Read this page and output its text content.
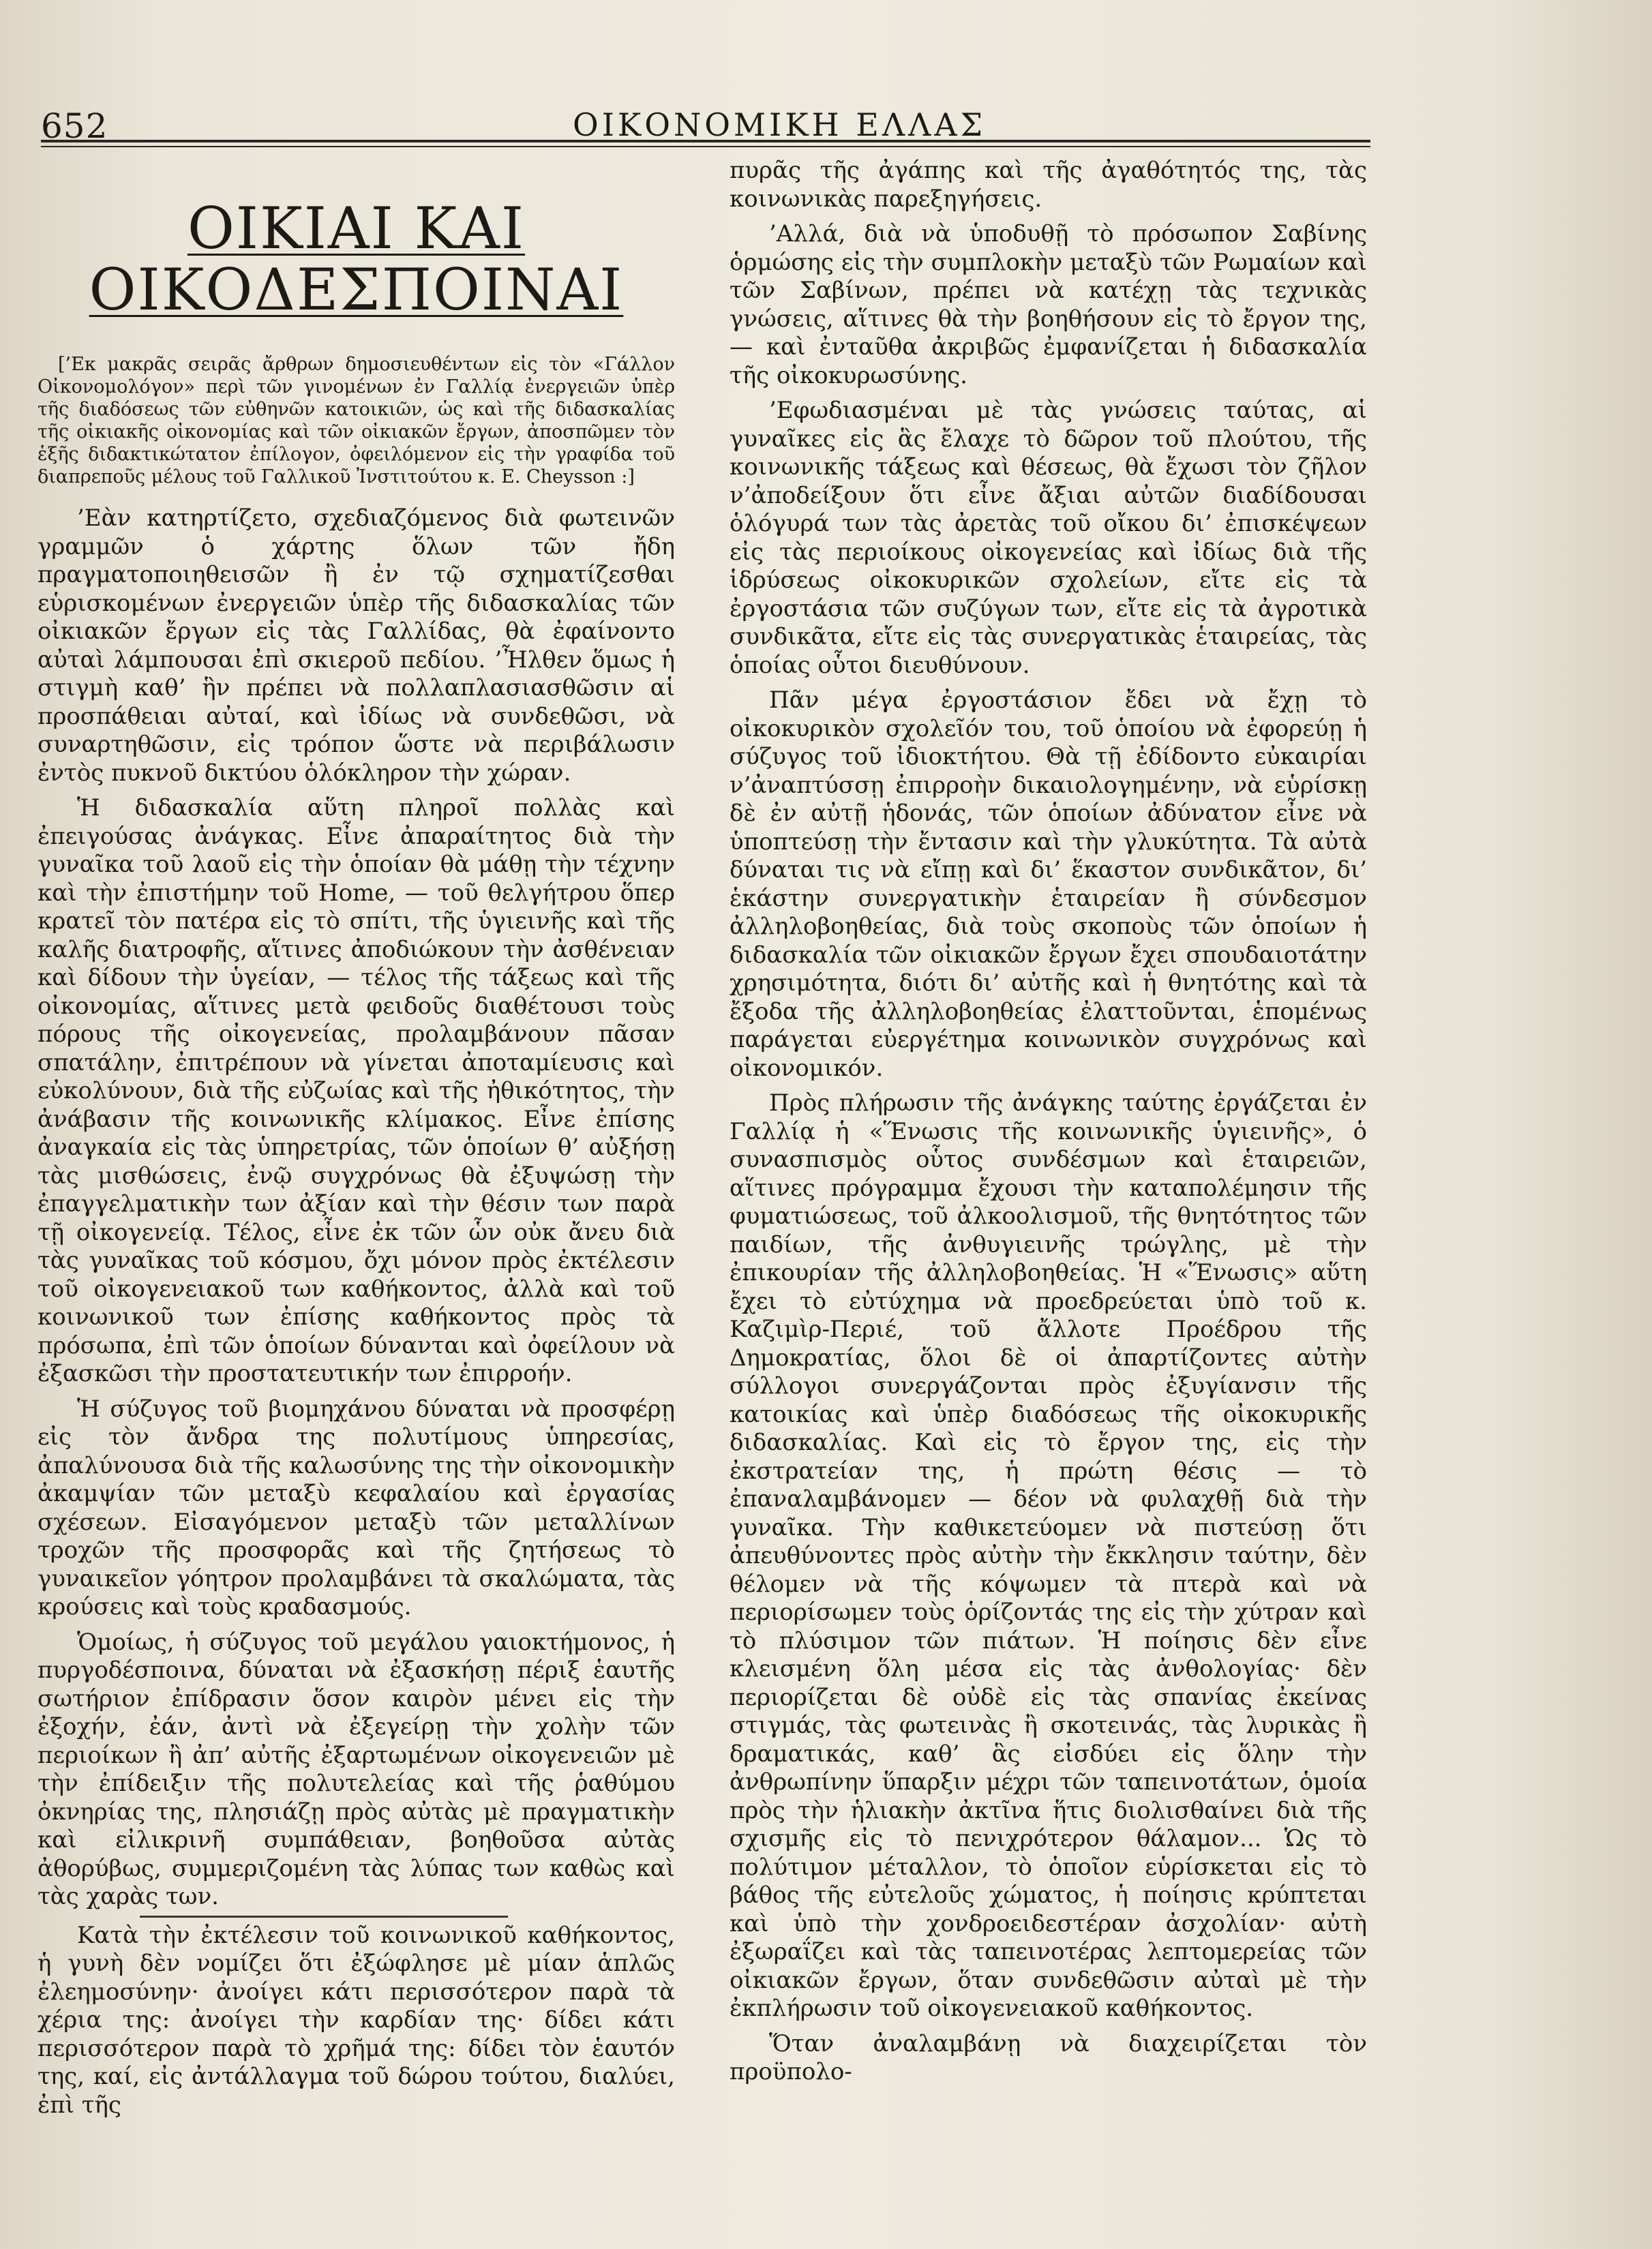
652	ΟΙΚΟΝΟΜΙΚΗ ΕΛΛΑΣ
ΟΙΚΙΑΙ ΚΑΙ ΟΙΚΟΔΕΣΠΟΙΝΑΙ

[’Εκ μακρᾶς σειρᾶς ἄρθρων δημοσιευθέντων εἰς τὸν «Γάλλον Οἰκονομολόγον» περὶ τῶν γινομένων ἐν Γαλλίᾳ ἐνεργειῶν ὑπὲρ τῆς διαδόσεως τῶν εὐθηνῶν κατοικιῶν, ὡς καὶ τῆς διδασκαλίας τῆς οἰκιακῆς οἰκονομίας καὶ τῶν οἰκιακῶν ἔργων, ἀποσπῶμεν τὸν ἑξῆς διδακτικώτατον ἐπίλογον, ὀφειλόμενον εἰς τὴν γραφίδα τοῦ διαπρεποῦς μέλους τοῦ Γαλλικοῦ Ἰνστιτούτου κ. E. Cheysson :]

’Εὰν κατηρτίζετο, σχεδιαζόμενος διὰ φωτεινῶν γραμμῶν ὁ χάρτης ὅλων τῶν ἤδη πραγματοποιηθεισῶν ἢ ἐν τῷ σχηματίζεσθαι εὑρισκομένων ἐνεργειῶν ὑπὲρ τῆς διδασκαλίας τῶν οἰκιακῶν ἔργων εἰς τὰς Γαλλίδας, θὰ ἐφαίνοντο αὐταὶ λάμπουσαι ἐπὶ σκιεροῦ πεδίου. ’Ἦλθεν ὅμως ἡ στιγμὴ καθ’ ἣν πρέπει νὰ πολλαπλασιασθῶσιν αἱ προσπάθειαι αὐταί, καὶ ἰδίως νὰ συνδεθῶσι, νὰ συναρτηθῶσιν, εἰς τρόπον ὥστε νὰ περιβάλωσιν ἐντὸς πυκνοῦ δικτύου ὁλόκληρον τὴν χώραν.

Ἡ διδασκαλία αὕτη πληροῖ πολλὰς καὶ ἐπειγούσας ἀνάγκας. Εἶνε ἀπαραίτητος διὰ τὴν γυναῖκα τοῦ λαοῦ εἰς τὴν ὁποίαν θὰ μάθῃ τὴν τέχνην καὶ τὴν ἐπιστήμην τοῦ Home, — τοῦ θελγήτρου ὅπερ κρατεῖ τὸν πατέρα εἰς τὸ σπίτι, τῆς ὑγιεινῆς καὶ τῆς καλῆς διατροφῆς, αἵτινες ἀποδιώκουν τὴν ἀσθένειαν καὶ δίδουν τὴν ὑγείαν, — τέλος τῆς τάξεως καὶ τῆς οἰκονομίας, αἵτινες μετὰ φειδοῦς διαθέτουσι τοὺς πόρους τῆς οἰκογενείας, προλαμβάνουν πᾶσαν σπατάλην, ἐπιτρέπουν νὰ γίνεται ἀποταμίευσις καὶ εὐκολύνουν, διὰ τῆς εὐζωίας καὶ τῆς ἠθικότητος, τὴν ἀνάβασιν τῆς κοινωνικῆς κλίμακος. Εἶνε ἐπίσης ἀναγκαία εἰς τὰς ὑπηρετρίας, τῶν ὁποίων θ’ αὐξήσῃ τὰς μισθώσεις, ἐνῷ συγχρόνως θὰ ἐξυψώσῃ τὴν ἐπαγγελματικὴν των ἀξίαν καὶ τὴν θέσιν των παρὰ τῇ οἰκογενείᾳ. Τέλος, εἶνε ἐκ τῶν ὧν οὐκ ἄνευ διὰ τὰς γυναῖκας τοῦ κόσμου, ὄχι μόνον πρὸς ἐκτέλεσιν τοῦ οἰκογενειακοῦ των καθήκοντος, ἀλλὰ καὶ τοῦ κοινωνικοῦ των ἐπίσης καθήκοντος πρὸς τὰ πρόσωπα, ἐπὶ τῶν ὁποίων δύνανται καὶ ὀφείλουν νὰ ἐξασκῶσι τὴν προστατευτικήν των ἐπιρροήν.

Ἡ σύζυγος τοῦ βιομηχάνου δύναται νὰ προσφέρῃ εἰς τὸν ἄνδρα της πολυτίμους ὑπηρεσίας, ἀπαλύνουσα διὰ τῆς καλωσύνης της τὴν οἰκονομικὴν ἀκαμψίαν τῶν μεταξὺ κεφαλαίου καὶ ἐργασίας σχέσεων. Εἰσαγόμενον μεταξὺ τῶν μεταλλίνων τροχῶν τῆς προσφορᾶς καὶ τῆς ζητήσεως τὸ γυναικεῖον γόητρον προλαμβάνει τὰ σκαλώματα, τὰς κρούσεις καὶ τοὺς κραδασμούς.

Ὁμοίως, ἡ σύζυγος τοῦ μεγάλου γαιοκτήμονος, ἡ πυργοδέσποινα, δύναται νὰ ἐξασκήσῃ πέριξ ἑαυτῆς σωτήριον ἐπίδρασιν ὅσον καιρὸν μένει εἰς τὴν ἐξοχήν, ἐάν, ἀντὶ νὰ ἐξεγείρῃ τὴν χολὴν τῶν περιοίκων ἢ ἀπ’ αὐτῆς ἐξαρτωμένων οἰκογενειῶν μὲ τὴν ἐπίδειξιν τῆς πολυτελείας καὶ τῆς ῥαθύμου ὀκνηρίας της, πλησιάζῃ πρὸς αὐτὰς μὲ πραγματικὴν καὶ εἰλικρινῆ συμπάθειαν, βοηθοῦσα αὐτὰς ἀθορύβως, συμμεριζομένη τὰς λύπας των καθὼς καὶ τὰς χαρὰς των.

Κατὰ τὴν ἐκτέλεσιν τοῦ κοινωνικοῦ καθήκοντος, ἡ γυνὴ δὲν νομίζει ὅτι ἐξώφλησε μὲ μίαν ἁπλῶς ἐλεημοσύνην· ἀνοίγει κάτι περισσότερον παρὰ τὰ χέρια της: ἀνοίγει τὴν καρδίαν της· δίδει κάτι περισσότερον παρὰ τὸ χρῆμά της: δίδει τὸν ἑαυτόν της, καί, εἰς ἀντάλλαγμα τοῦ δώρου τούτου, διαλύει, ἐπὶ τῆς

πυρᾶς τῆς ἀγάπης καὶ τῆς ἀγαθότητός της, τὰς κοινωνικὰς παρεξηγήσεις.

’Αλλά, διὰ νὰ ὑποδυθῇ τὸ πρόσωπον Σαβίνης ὁρμώσης εἰς τὴν συμπλοκὴν μεταξὺ τῶν Ρωμαίων καὶ τῶν Σαβίνων, πρέπει νὰ κατέχῃ τὰς τεχνικὰς γνώσεις, αἵτινες θὰ τὴν βοηθήσουν εἰς τὸ ἔργον της, — καὶ ἐνταῦθα ἀκριβῶς ἐμφανίζεται ἡ διδασκαλία τῆς οἰκοκυρωσύνης.

’Εφωδιασμέναι μὲ τὰς γνώσεις ταύτας, αἱ γυναῖκες εἰς ἃς ἔλαχε τὸ δῶρον τοῦ πλούτου, τῆς κοινωνικῆς τάξεως καὶ θέσεως, θὰ ἔχωσι τὸν ζῆλον ν’ἀποδείξουν ὅτι εἶνε ἄξιαι αὐτῶν διαδίδουσαι ὁλόγυρά των τὰς ἀρετὰς τοῦ οἴκου δι’ ἐπισκέψεων εἰς τὰς περιοίκους οἰκογενείας καὶ ἰδίως διὰ τῆς ἱδρύσεως οἰκοκυρικῶν σχολείων, εἴτε εἰς τὰ ἐργοστάσια τῶν συζύγων των, εἴτε εἰς τὰ ἀγροτικὰ συνδικᾶτα, εἴτε εἰς τὰς συνεργατικὰς ἑταιρείας, τὰς ὁποίας οὗτοι διευθύνουν.

Πᾶν μέγα ἐργοστάσιον ἔδει νὰ ἔχῃ τὸ οἰκοκυρικὸν σχολεῖόν του, τοῦ ὁποίου νὰ ἐφορεύῃ ἡ σύζυγος τοῦ ἰδιοκτήτου. Θὰ τῇ ἐδίδοντο εὐκαιρίαι ν’ἀναπτύσσῃ ἐπιρροὴν δικαιολογημένην, νὰ εὑρίσκῃ δὲ ἐν αὐτῇ ἡδονάς, τῶν ὁποίων ἀδύνατον εἶνε νὰ ὑποπτεύσῃ τὴν ἔντασιν καὶ τὴν γλυκύτητα. Τὰ αὐτὰ δύναται τις νὰ εἴπῃ καὶ δι’ ἕκαστον συνδικᾶτον, δι’ ἑκάστην συνεργατικὴν ἑταιρείαν ἢ σύνδεσμον ἀλληλοβοηθείας, διὰ τοὺς σκοποὺς τῶν ὁποίων ἡ διδασκαλία τῶν οἰκιακῶν ἔργων ἔχει σπουδαιοτάτην χρησιμότητα, διότι δι’ αὐτῆς καὶ ἡ θνητότης καὶ τὰ ἔξοδα τῆς ἀλληλοβοηθείας ἐλαττοῦνται, ἑπομένως παράγεται εὐεργέτημα κοινωνικὸν συγχρόνως καὶ οἰκονομικόν.

Πρὸς πλήρωσιν τῆς ἀνάγκης ταύτης ἐργάζεται ἐν Γαλλίᾳ ἡ «Ἕνωσις τῆς κοινωνικῆς ὑγιεινῆς», ὁ συνασπισμὸς οὗτος συνδέσμων καὶ ἑταιρειῶν, αἵτινες πρόγραμμα ἔχουσι τὴν καταπολέμησιν τῆς φυματιώσεως, τοῦ ἀλκοολισμοῦ, τῆς θνητότητος τῶν παιδίων, τῆς ἀνθυγιεινῆς τρώγλης, μὲ τὴν ἐπικουρίαν τῆς ἀλληλοβοηθείας. Ἡ «Ἕνωσις» αὕτη ἔχει τὸ εὐτύχημα νὰ προεδρεύεται ὑπὸ τοῦ κ. Καζιμὶρ-Περιέ, τοῦ ἄλλοτε Προέδρου τῆς Δημοκρατίας, ὅλοι δὲ οἱ ἀπαρτίζοντες αὐτὴν σύλλογοι συνεργάζονται πρὸς ἐξυγίανσιν τῆς κατοικίας καὶ ὑπὲρ διαδόσεως τῆς οἰκοκυρικῆς διδασκαλίας. Καὶ εἰς τὸ ἔργον της, εἰς τὴν ἐκστρατείαν της, ἡ πρώτη θέσις — τὸ ἐπαναλαμβάνομεν — δέον νὰ φυλαχθῇ διὰ τὴν γυναῖκα. Τὴν καθικετεύομεν νὰ πιστεύσῃ ὅτι ἀπευθύνοντες πρὸς αὐτὴν τὴν ἔκκλησιν ταύτην, δὲν θέλομεν νὰ τῆς κόψωμεν τὰ πτερὰ καὶ νὰ περιορίσωμεν τοὺς ὁρίζοντάς της εἰς τὴν χύτραν καὶ τὸ πλύσιμον τῶν πιάτων. Ἡ ποίησις δὲν εἶνε κλεισμένη ὅλη μέσα εἰς τὰς ἀνθολογίας· δὲν περιορίζεται δὲ οὐδὲ εἰς τὰς σπανίας ἐκείνας στιγμάς, τὰς φωτεινὰς ἢ σκοτεινάς, τὰς λυρικὰς ἢ δραματικάς, καθ’ ἃς εἰσδύει εἰς ὅλην τὴν ἀνθρωπίνην ὕπαρξιν μέχρι τῶν ταπεινοτάτων, ὁμοία πρὸς τὴν ἡλιακὴν ἀκτῖνα ἥτις διολισθαίνει διὰ τῆς σχισμῆς εἰς τὸ πενιχρότερον θάλαμον... Ὡς τὸ πολύτιμον μέταλλον, τὸ ὁποῖον εὑρίσκεται εἰς τὸ βάθος τῆς εὐτελοῦς χώματος, ἡ ποίησις κρύπτεται καὶ ὑπὸ τὴν χονδροειδεστέραν ἀσχολίαν· αὐτὴ ἐξωραΐζει καὶ τὰς ταπεινοτέρας λεπτομερείας τῶν οἰκιακῶν ἔργων, ὅταν συνδεθῶσιν αὐταὶ μὲ τὴν ἐκπλήρωσιν τοῦ οἰκογενειακοῦ καθήκοντος.

Ὅταν ἀναλαμβάνῃ νὰ διαχειρίζεται τὸν προϋπολο-
